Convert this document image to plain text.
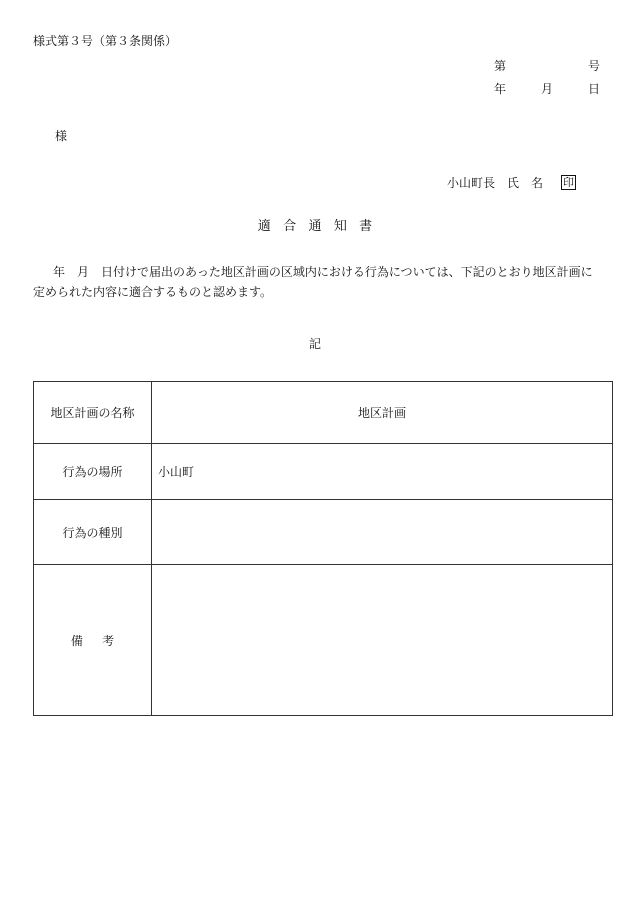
様式第３号（第３条関係）
第	号
年	月	日
様
小山町長 氏　名 印
適合通知書
年　月　日付けで届出のあった地区計画の区域内における行為については、下記のとおり地区計画に定められた内容に適合するものと認めます。
記
地区計画の名称	地区計画
行為の場所	小山町
行為の種別	
備考	
